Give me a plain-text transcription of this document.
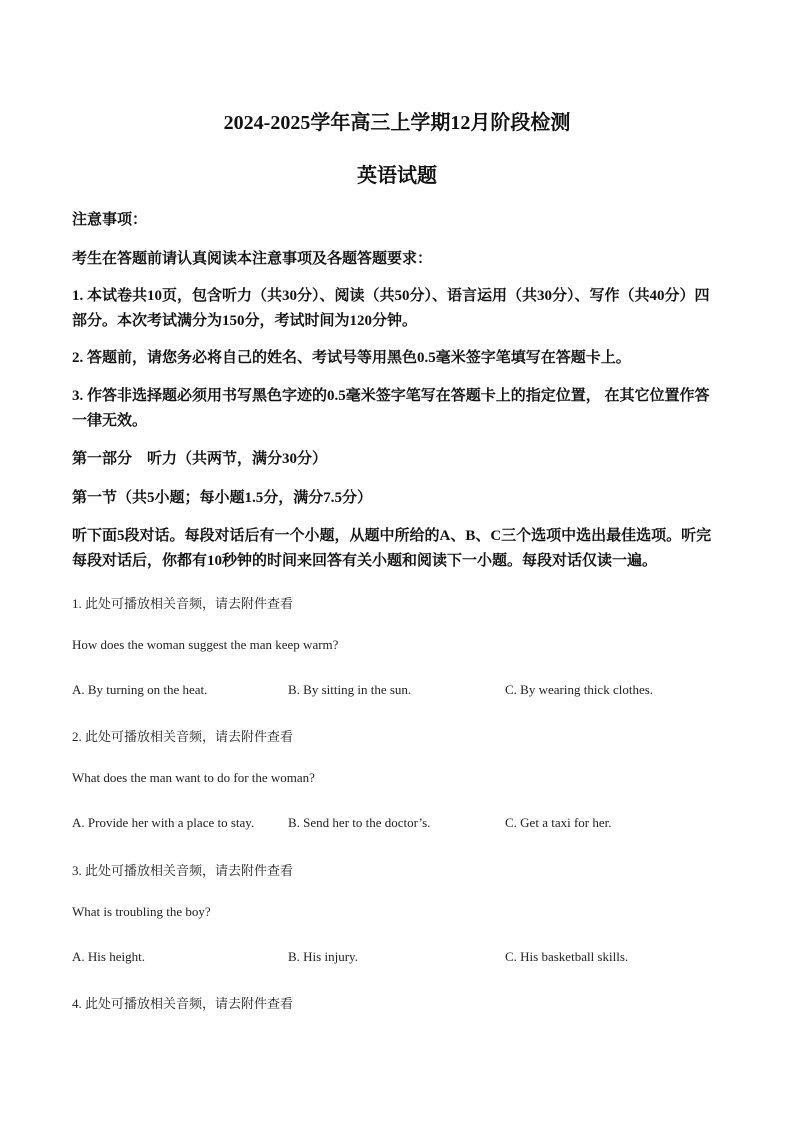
2024-2025学年高三上学期12月阶段检测
英语试题
注意事项：
考生在答题前请认真阅读本注意事项及各题答题要求：
1. 本试卷共10页，包含听力（共30分）、阅读（共50分）、语言运用（共30分）、写作（共40分）四部分。本次考试满分为150分，考试时间为120分钟。
2. 答题前，请您务必将自己的姓名、考试号等用黑色0.5毫米签字笔填写在答题卡上。
3. 作答非选择题必须用书写黑色字迹的0.5毫米签字笔写在答题卡上的指定位置， 在其它位置作答一律无效。
第一部分　听力（共两节，满分30分）
第一节（共5小题；每小题1.5分，满分7.5分）
听下面5段对话。每段对话后有一个小题，从题中所给的A、B、C三个选项中选出最佳选项。听完每段对话后，你都有10秒钟的时间来回答有关小题和阅读下一小题。每段对话仅读一遍。
1. 此处可播放相关音频，请去附件查看
How does the woman suggest the man keep warm?
A. By turning on the heat.	B. By sitting in the sun.	C. By wearing thick clothes.
2. 此处可播放相关音频，请去附件查看
What does the man want to do for the woman?
A. Provide her with a place to stay.	B. Send her to the doctor’s.	C. Get a taxi for her.
3. 此处可播放相关音频，请去附件查看
What is troubling the boy?
A. His height.	B. His injury.	C. His basketball skills.
4. 此处可播放相关音频，请去附件查看
